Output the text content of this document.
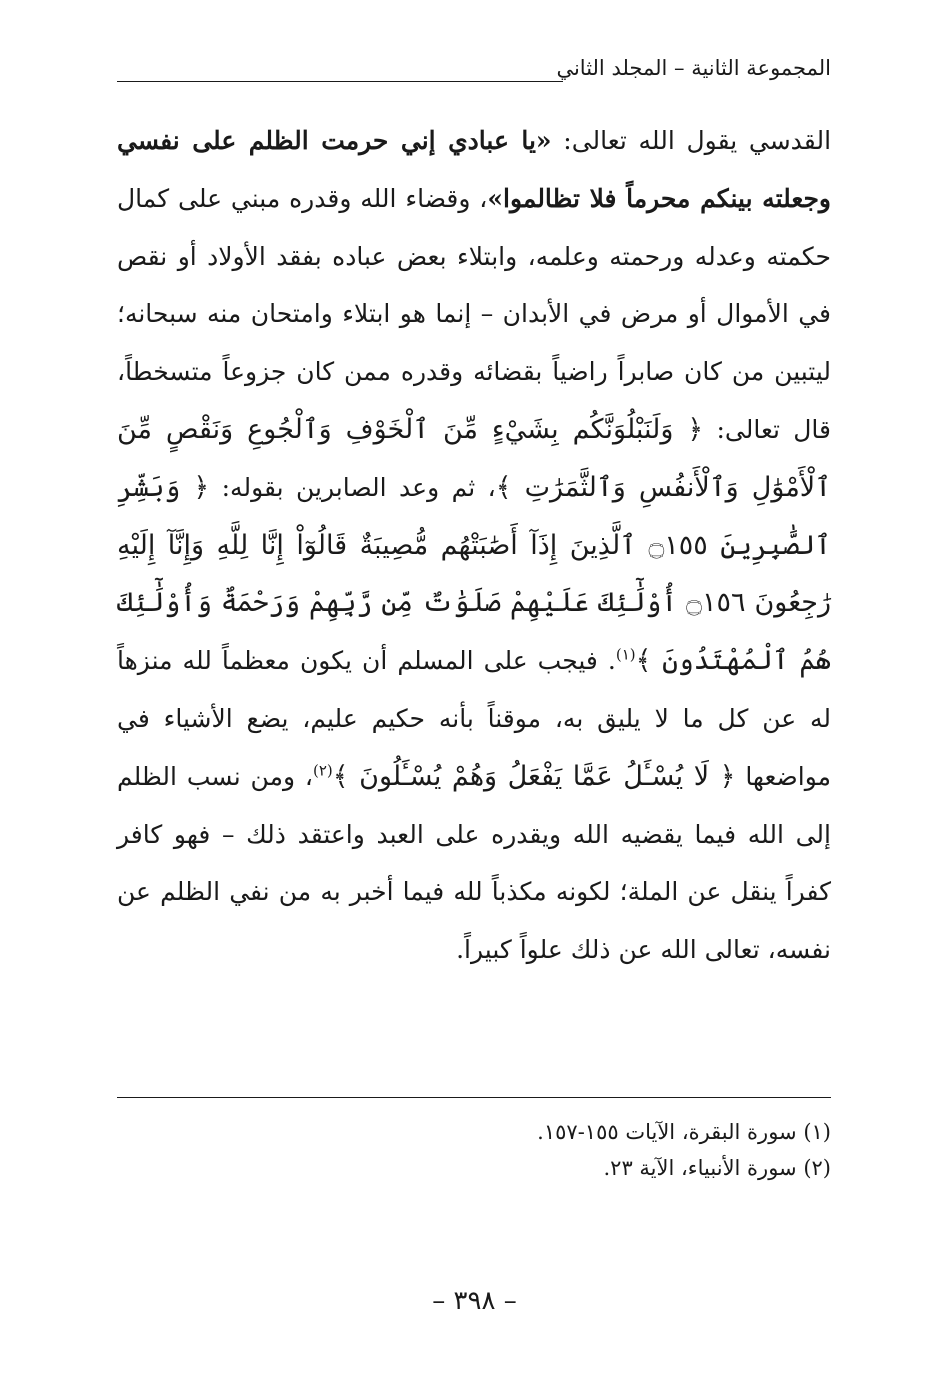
المجموعة الثانية – المجلد الثاني

القدسي يقول الله تعالى: «يا عبادي إني حرمت الظلم على نفسي وجعلته بينكم محرماً فلا تظالموا»، وقضاء الله وقدره مبني على كمال حكمته وعدله ورحمته وعلمه، وابتلاء بعض عباده بفقد الأولاد أو نقص في الأموال أو مرض في الأبدان – إنما هو ابتلاء وامتحان منه سبحانه؛ ليتبين من كان صابراً راضياً بقضائه وقدره ممن كان جزوعاً متسخطاً، قال تعالى: ﴿ وَلَنَبْلُوَنَّكُم بِشَيْءٍ مِّنَ ٱلْخَوْفِ وَٱلْجُوعِ وَنَقْصٍ مِّنَ ٱلْأَمْوَٰلِ وَٱلْأَنفُسِ وَٱلثَّمَرَٰتِ ﴾، ثم وعد الصابرين بقوله: ﴿ وَبَشِّرِ ٱلصَّٰبِرِينَ ۝١٥٥ ٱلَّذِينَ إِذَآ أَصَٰبَتْهُم مُّصِيبَةٌ قَالُوٓاْ إِنَّا لِلَّهِ وَإِنَّآ إِلَيْهِ رَٰجِعُونَ ۝١٥٦ أُوْلَٰٓئِكَ عَلَيْهِمْ صَلَوَٰتٌ مِّن رَّبِّهِمْ وَرَحْمَةٌ وَأُوْلَٰٓئِكَ هُمُ ٱلْمُهْتَدُونَ ﴾$^{(١)}$. فيجب على المسلم أن يكون معظماً لله منزهاً له عن كل ما لا يليق به، موقناً بأنه حكيم عليم، يضع الأشياء في مواضعها ﴿ لَا يُسْـَٔلُ عَمَّا يَفْعَلُ وَهُمْ يُسْـَٔلُونَ ﴾$^{(٢)}$، ومن نسب الظلم إلى الله فيما يقضيه الله ويقدره على العبد واعتقد ذلك – فهو كافر كفراً ينقل عن الملة؛ لكونه مكذباً لله فيما أخبر به من نفي الظلم عن نفسه، تعالى الله عن ذلك علواً كبيراً.

(١) سورة البقرة، الآيات ١٥٥-١٥٧.
(٢) سورة الأنبياء، الآية ٢٣.
– ٣٩٨ –
